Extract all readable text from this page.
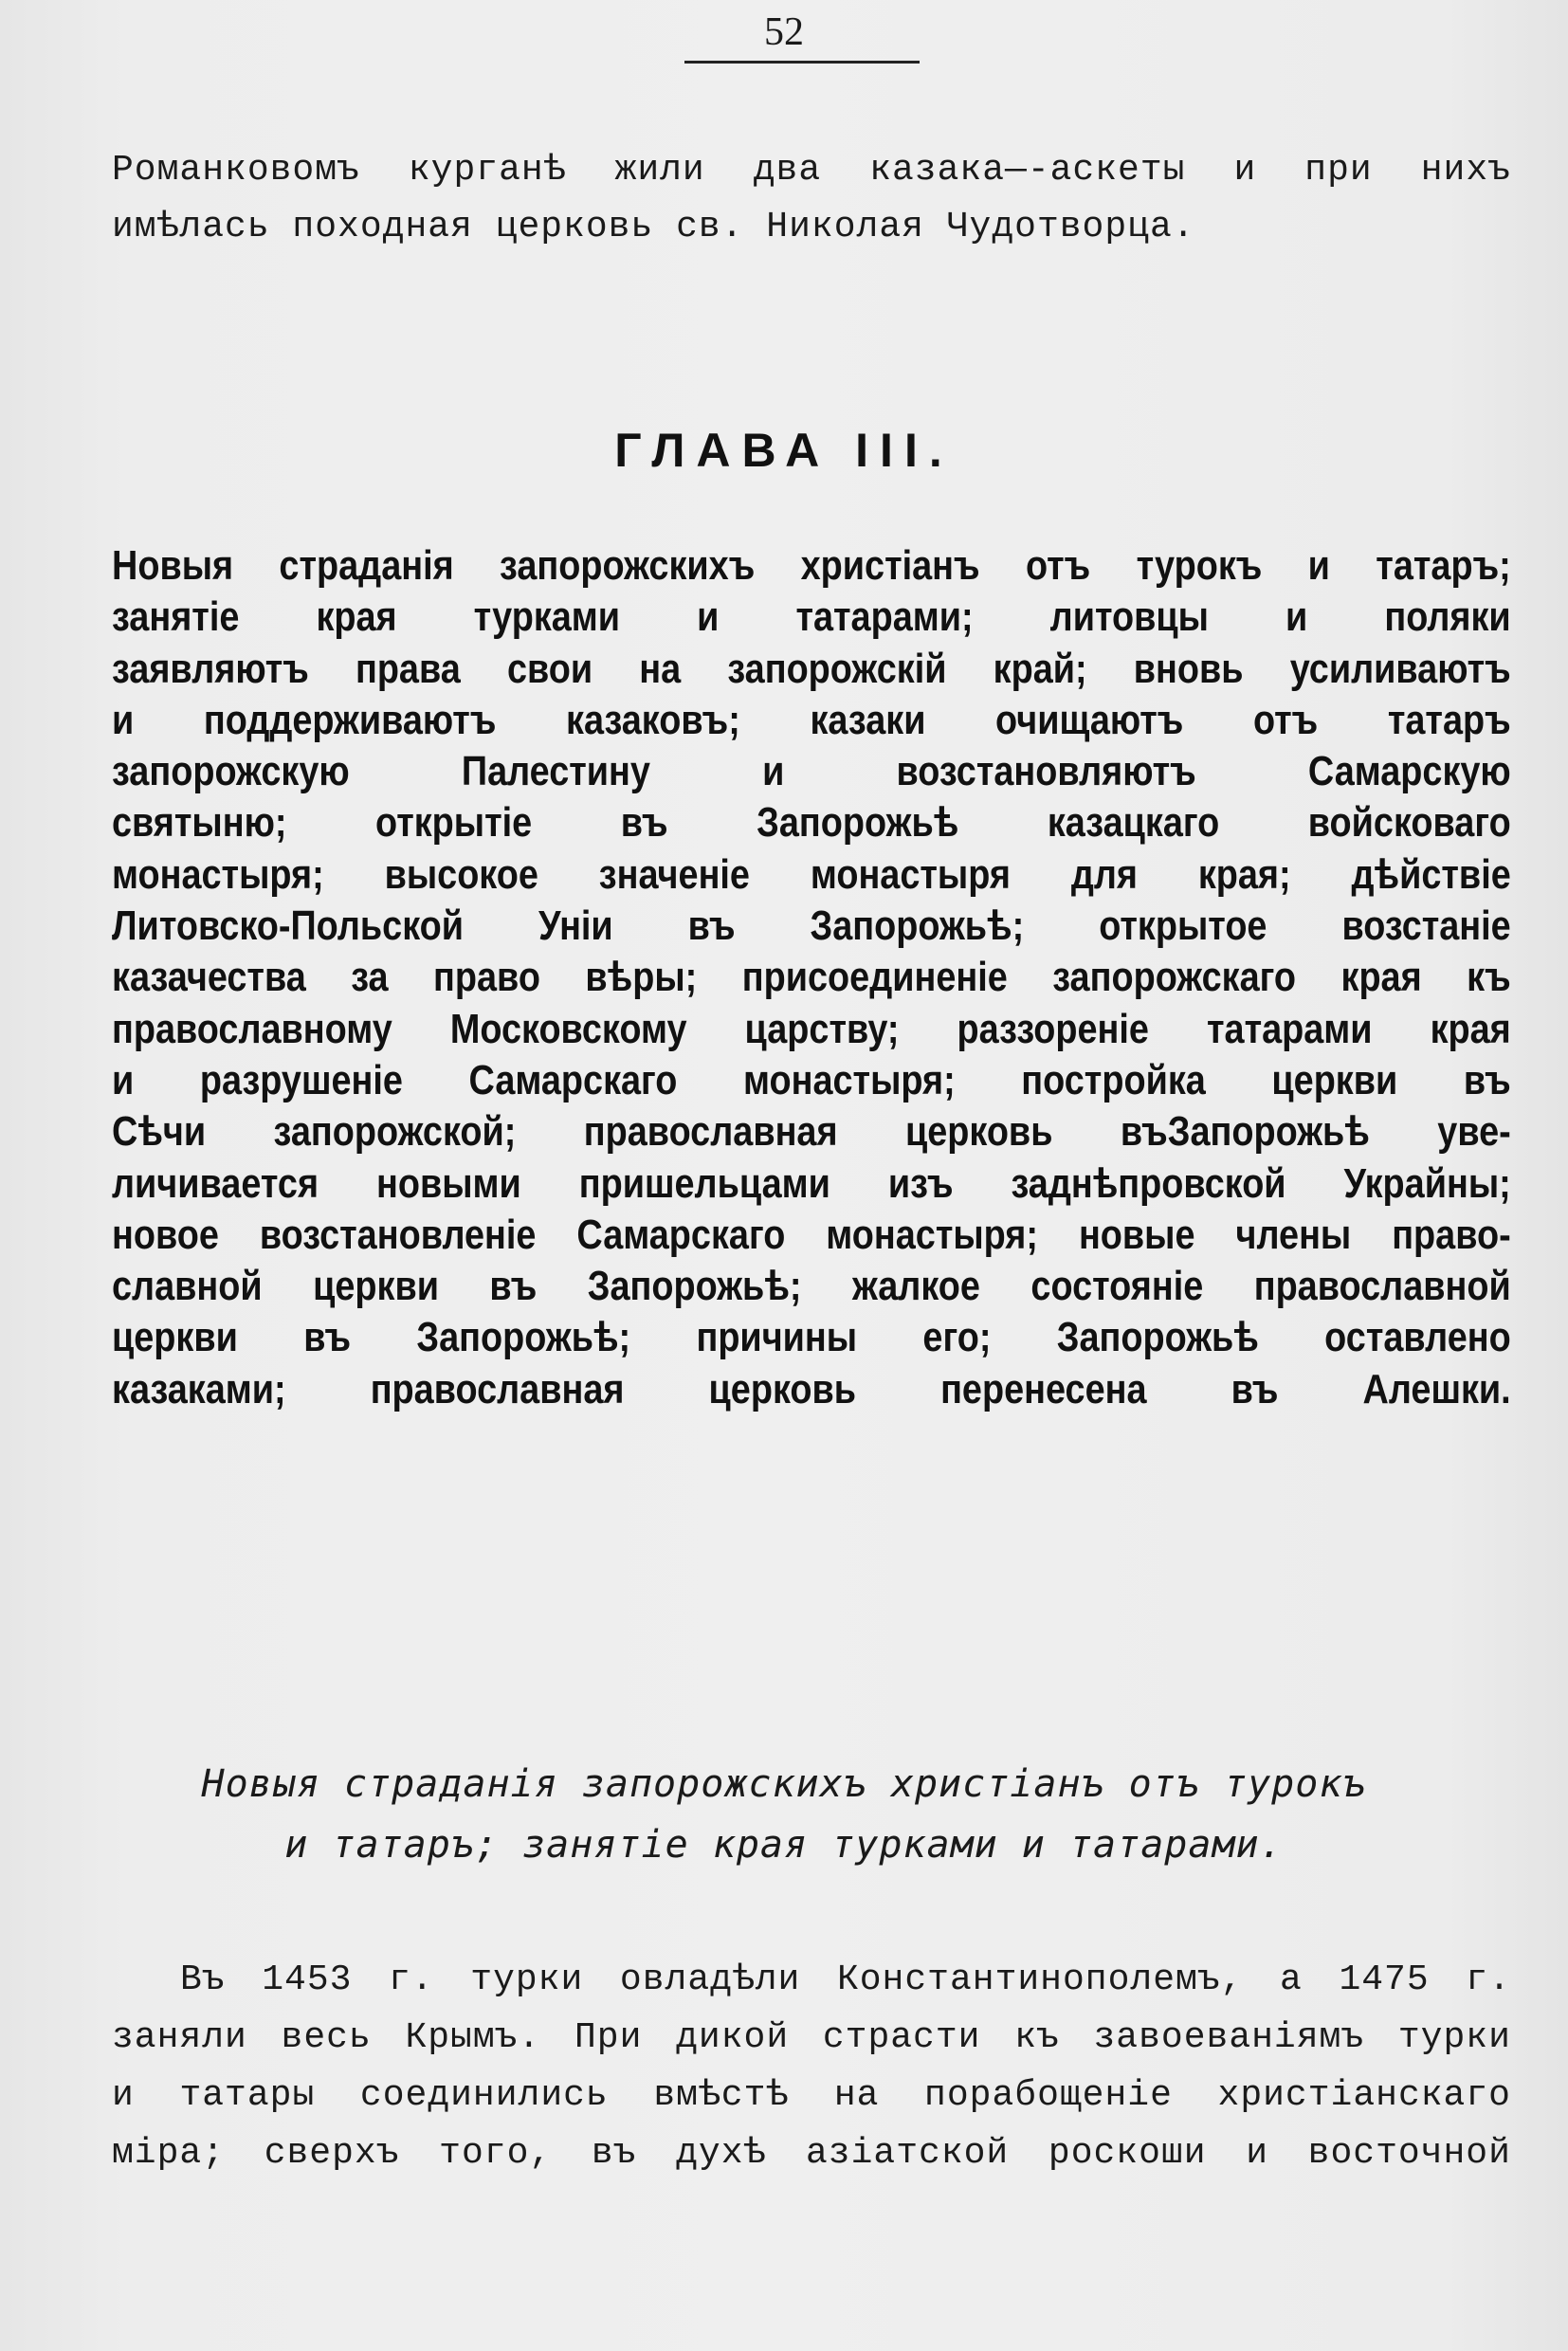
52

Романковомъ курганѣ жили два казака—-аскеты и при нихъ
имѣлась походная церковь св. Николая Чудотворца.
ГЛАВА III.
Новыя страданія запорожскихъ христіанъ отъ турокъ и татаръ;
занятіе края турками и татарами; литовцы и поляки
заявляютъ права свои на запорожскій край; вновь усиливаютъ
и поддерживаютъ казаковъ; казаки очищаютъ отъ татаръ
запорожскую	Палестину	и	возстановляютъ	Самарскую
святыню; открытіе въ Запорожьѣ казацкаго войсковаго
монастыря; высокое значеніе монастыря для края; дѣйствіе
Литовско-Польской Уніи въ Запорожьѣ; открытое возстаніе
казачества за право вѣры; присоединеніе запорожскаго края къ
православному Московскому царству; раззореніе татарами края
и разрушеніе Самарскаго монастыря; постройка церкви въ
Сѣчи запорожской; православная церковь въЗапорожьѣ уве-
личивается новыми пришельцами изъ заднѣпровской Украйны;
новое возстановленіе Самарскаго монастыря; новые члены право-
славной церкви въ Запорожьѣ; жалкое состояніе православной
церкви въ Запорожьѣ; причины его; Запорожьѣ оставлено
казаками; православная церковь перенесена въ Алешки.
Новыя страданія запорожскихъ христіанъ отъ турокъ
и татаръ; занятіе края турками и татарами.
Въ 1453 г. турки овладѣли Константинополемъ, а 1475 г.
заняли весь Крымъ. При дикой страсти къ завоеваніямъ турки
и татары соединились вмѣстѣ на порабощеніе христіанскаго
міра; сверхъ того, въ духѣ азіатской роскоши и восточной
